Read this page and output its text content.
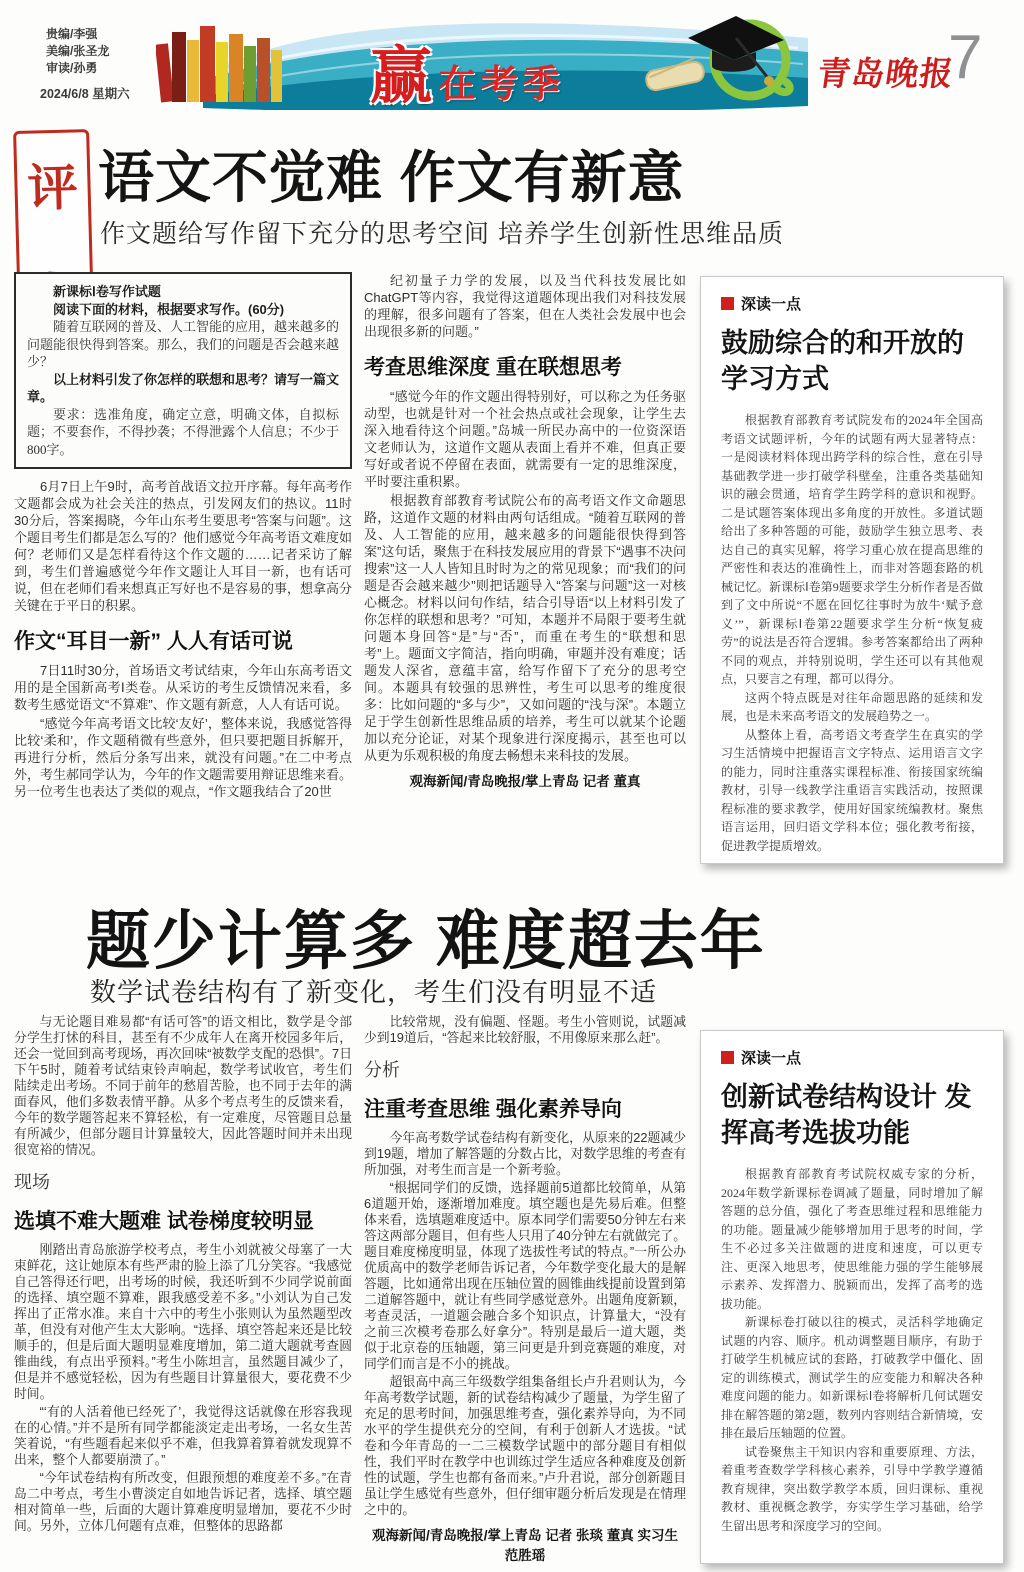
贵编/李强
美编/张圣龙
审读/孙勇
2024/6/8 星期六	赢在考季	青岛晚报
7
评 语文不觉难 作文有新意
作文题给写作留下充分的思考空间 培养学生创新性思维品质

新课标Ⅰ卷写作试题

阅读下面的材料，根据要求写作。(60分)

随着互联网的普及、人工智能的应用，越来越多的问题能很快得到答案。那么，我们的问题是否会越来越少？

以上材料引发了你怎样的联想和思考？请写一篇文章。

要求：选准角度，确定立意，明确文体，自拟标题；不要套作，不得抄袭；不得泄露个人信息；不少于800字。

6月7日上午9时，高考首战语文拉开序幕。每年高考作文题都会成为社会关注的热点，引发网友们的热议。11时30分后，答案揭晓，今年山东考生要思考“答案与问题”。这个题目考生们都是怎么写的？他们感觉今年高考语文难度如何？老师们又是怎样看待这个作文题的……记者采访了解到，考生们普遍感觉今年作文题让人耳目一新，也有话可说，但在老师们看来想真正写好也不是容易的事，想拿高分关键在于平日的积累。

作文“耳目一新” 人人有话可说

7日11时30分，首场语文考试结束，今年山东高考语文用的是全国新高考Ⅰ类卷。从采访的考生反馈情况来看，多数考生感觉语文“不算难”、作文题有新意，人人有话可说。

“感觉今年高考语文比较‘友好’，整体来说，我感觉答得比较‘柔和’，作文题稍微有些意外，但只要把题目拆解开，再进行分析，然后分条写出来，就没有问题。”在二中考点外，考生郝同学认为，今年的作文题需要用辩证思维来看。另一位考生也表达了类似的观点，“作文题我结合了20世

纪初量子力学的发展，以及当代科技发展比如ChatGPT等内容，我觉得这道题体现出我们对科技发展的理解，很多问题有了答案，但在人类社会发展中也会出现很多新的问题。”

考查思维深度 重在联想思考

“感觉今年的作文题出得特别好，可以称之为任务驱动型，也就是针对一个社会热点或社会现象，让学生去深入地看待这个问题。”岛城一所民办高中的一位资深语文老师认为，这道作文题从表面上看并不难，但真正要写好或者说不停留在表面，就需要有一定的思维深度，平时要注重积累。

根据教育部教育考试院公布的高考语文作文命题思路，这道作文题的材料由两句话组成。“随着互联网的普及、人工智能的应用，越来越多的问题能很快得到答案”这句话，聚焦于在科技发展应用的背景下“遇事不决问搜索”这一人人皆知且时时为之的常见现象；而“我们的问题是否会越来越少”则把话题导入“答案与问题”这一对核心概念。材料以问句作结，结合引导语“以上材料引发了你怎样的联想和思考？”可知，本题并不局限于要考生就问题本身回答“是”与“否”，而重在考生的“联想和思考”上。题面文字简洁，指向明确，审题并没有难度；话题发人深省，意蕴丰富，给写作留下了充分的思考空间。本题具有较强的思辨性，考生可以思考的维度很多：比如问题的“多与少”，又如问题的“浅与深”。本题立足于学生创新性思维品质的培养，考生可以就某个论题加以充分论证，对某个现象进行深度揭示，甚至也可以从更为乐观积极的角度去畅想未来科技的发展。

观海新闻/青岛晚报/掌上青岛 记者 董真
深读一点
鼓励综合的和开放的学习方式

根据教育部教育考试院发布的2024年全国高考语文试题评析，今年的试题有两大显著特点：一是阅读材料体现出跨学科的综合性，意在引导基础教学进一步打破学科壁垒，注重各类基础知识的融会贯通，培育学生跨学科的意识和视野。二是试题答案体现出多角度的开放性。多道试题给出了多种答题的可能，鼓励学生独立思考、表达自己的真实见解，将学习重心放在提高思维的严密性和表达的准确性上，而非对答题套路的机械记忆。新课标Ⅰ卷第9题要求学生分析作者是否做到了文中所说“不愿在回忆往事时为放牛‘赋予意义’”，新课标Ⅰ卷第22题要求学生分析“恢复疲劳”的说法是否符合逻辑。参考答案都给出了两种不同的观点，并特别说明，学生还可以有其他观点，只要言之有理，都可以得分。

这两个特点既是对往年命题思路的延续和发展，也是未来高考语文的发展趋势之一。

从整体上看，高考语文考查学生在真实的学习生活情境中把握语言文字特点、运用语言文字的能力，同时注重落实课程标准、衔接国家统编教材，引导一线教学注重语言实践活动，按照课程标准的要求教学，使用好国家统编教材。聚焦语言运用，回归语文学科本位；强化教考衔接，促进教学提质增效。

题少计算多 难度超去年
数学试卷结构有了新变化，考生们没有明显不适

与无论题目难易都“有话可答”的语文相比，数学是令部分学生打怵的科目，甚至有不少成年人在离开校园多年后，还会一觉回到高考现场，再次回味“被数学支配的恐惧”。7日下午5时，随着考试结束铃声响起，数学考试收官，考生们陆续走出考场。不同于前年的愁眉苦脸，也不同于去年的满面春风，他们多数表情平静。从多个考点考生的反馈来看，今年的数学题答起来不算轻松，有一定难度，尽管题目总量有所减少，但部分题目计算量较大，因此答题时间并未出现很宽裕的情况。

现场
选填不难大题难 试卷梯度较明显

刚踏出青岛旅游学校考点，考生小刘就被父母塞了一大束鲜花，这让她原本有些严肃的脸上添了几分笑容。“我感觉自己答得还行吧，出考场的时候，我还听到不少同学说前面的选择、填空题不算难，跟我感受差不多。”小刘认为自己发挥出了正常水准。来自十六中的考生小张则认为虽然题型改革，但没有对他产生太大影响。“选择、填空答起来还是比较顺手的，但是后面大题明显难度增加，第二道大题就考查圆锥曲线，有点出乎预料。”考生小陈坦言，虽然题目减少了，但是并不感觉轻松，因为有些题目计算量很大，要花费不少时间。

“‘有的人活着他已经死了’，我觉得这话就像在形容我现在的心情。”并不是所有同学都能淡定走出考场，一名女生苦笑着说，“有些题看起来似乎不难，但我算着算着就发现算不出来，整个人都要崩溃了。”

“今年试卷结构有所改变，但跟预想的难度差不多。”在青岛二中考点，考生小曹淡定自如地告诉记者，选择、填空题相对简单一些，后面的大题计算难度明显增加，要花不少时间。另外，立体几何题有点难，但整体的思路都

比较常规，没有偏题、怪题。考生小管则说，试题减少到19道后，“答起来比较舒服，不用像原来那么赶”。

分析
注重考查思维 强化素养导向

今年高考数学试卷结构有新变化，从原来的22题减少到19题，增加了解答题的分数占比，对数学思维的考查有所加强，对考生而言是一个新考验。

“根据同学们的反馈，选择题前5道都比较简单，从第6道题开始，逐渐增加难度。填空题也是先易后难。但整体来看，选填题难度适中。原本同学们需要50分钟左右来答这两部分题目，但有些人只用了40分钟左右就做完了。题目难度梯度明显，体现了选拔性考试的特点。”一所公办优质高中的数学老师告诉记者，今年数学变化最大的是解答题，比如通常出现在压轴位置的圆锥曲线提前设置到第二道解答题中，就让有些同学感觉意外。出题角度新颖，考查灵活，一道题会融合多个知识点，计算量大，“没有之前三次模考卷那么好拿分”。特别是最后一道大题，类似于北京卷的压轴题，第三问更是升到竞赛题的难度，对同学们而言是不小的挑战。

超银高中高三年级数学组集备组长卢升君则认为，今年高考数学试题，新的试卷结构减少了题量，为学生留了充足的思考时间，加强思维考查，强化素养导向，为不同水平的学生提供充分的空间，有利于创新人才选拔。“试卷和今年青岛的一二三模数学试题中的部分题目有相似性，我们平时在教学中也训练过学生适应各种难度及创新性的试题，学生也都有备而来。”卢升君说，部分创新题目虽让学生感觉有些意外，但仔细审题分析后发现是在情理之中的。

观海新闻/青岛晚报/掌上青岛 记者 张琰 董真 实习生 范胜瑶
深读一点
创新试卷结构设计 发挥高考选拔功能

根据教育部教育考试院权威专家的分析，2024年数学新课标卷调减了题量，同时增加了解答题的总分值，强化了考查思维过程和思维能力的功能。题量减少能够增加用于思考的时间，学生不必过多关注做题的进度和速度，可以更专注、更深入地思考，使思维能力强的学生能够展示素养、发挥潜力、脱颖而出，发挥了高考的选拔功能。

新课标卷打破以往的模式，灵活科学地确定试题的内容、顺序。机动调整题目顺序，有助于打破学生机械应试的套路，打破教学中僵化、固定的训练模式，测试学生的应变能力和解决各种难度问题的能力。如新课标Ⅰ卷将解析几何试题安排在解答题的第2题，数列内容则结合新情境，安排在最后压轴题的位置。

试卷聚焦主干知识内容和重要原理、方法，着重考查数学学科核心素养，引导中学教学遵循教育规律，突出数学教学本质，回归课标、重视教材、重视概念教学，夯实学生学习基础，给学生留出思考和深度学习的空间。
